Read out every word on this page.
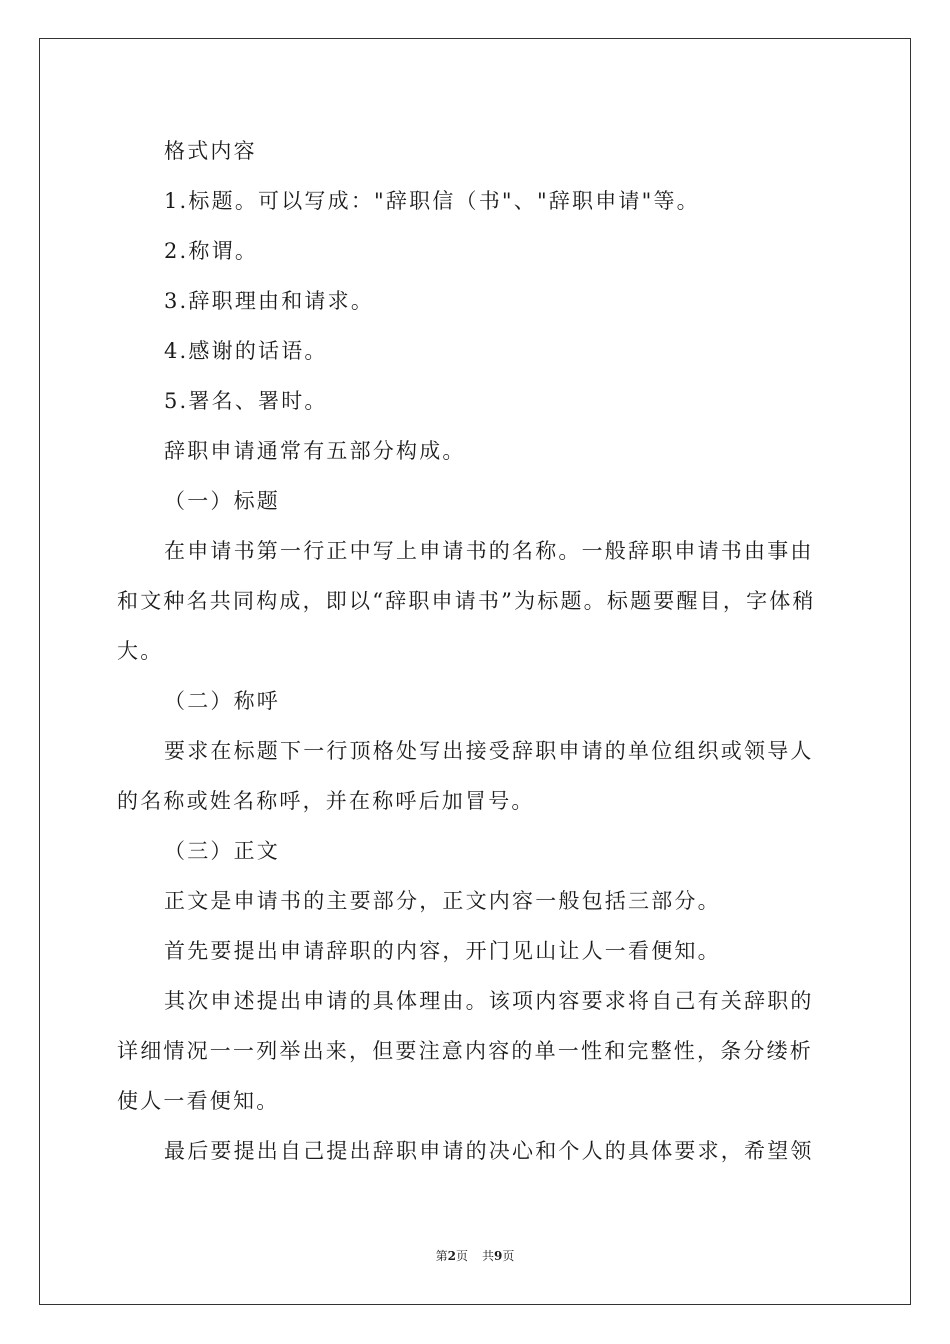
格式内容

1.标题。可以写成："辞职信（书"、"辞职申请"等。

2.称谓。

3.辞职理由和请求。

4.感谢的话语。

5.署名、署时。

辞职申请通常有五部分构成。

（一）标题

在申请书第一行正中写上申请书的名称。一般辞职申请书由事由和文种名共同构成，即以“辞职申请书”为标题。标题要醒目，字体稍大。

（二）称呼

要求在标题下一行顶格处写出接受辞职申请的单位组织或领导人的名称或姓名称呼，并在称呼后加冒号。

（三）正文

正文是申请书的主要部分，正文内容一般包括三部分。

首先要提出申请辞职的内容，开门见山让人一看便知。

其次申述提出申请的具体理由。该项内容要求将自己有关辞职的详细情况一一列举出来，但要注意内容的单一性和完整性，条分缕析使人一看便知。

最后要提出自己提出辞职申请的决心和个人的具体要求，希望领

第2页 共9页
